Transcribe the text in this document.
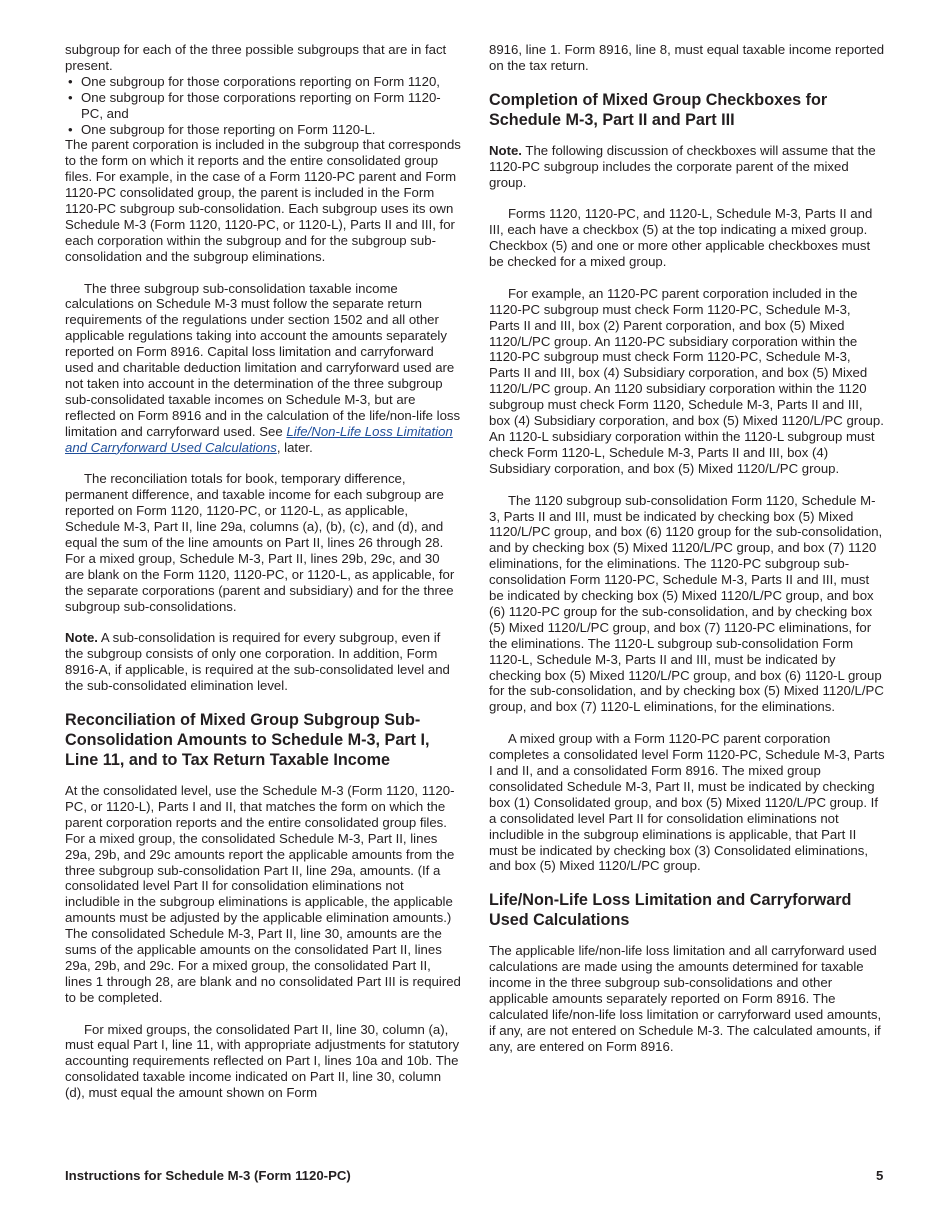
subgroup for each of the three possible subgroups that are in fact present.

• One subgroup for those corporations reporting on Form 1120,
• One subgroup for those corporations reporting on Form 1120-PC, and
• One subgroup for those reporting on Form 1120-L.

The parent corporation is included in the subgroup that corresponds to the form on which it reports and the entire consolidated group files. For example, in the case of a Form 1120-PC parent and Form 1120-PC consolidated group, the parent is included in the Form 1120-PC subgroup sub-consolidation. Each subgroup uses its own Schedule M-3 (Form 1120, 1120-PC, or 1120-L), Parts II and III, for each corporation within the subgroup and for the subgroup sub-consolidation and the subgroup eliminations.

The three subgroup sub-consolidation taxable income calculations on Schedule M-3 must follow the separate return requirements of the regulations under section 1502 and all other applicable regulations taking into account the amounts separately reported on Form 8916. Capital loss limitation and carryforward used and charitable deduction limitation and carryforward used are not taken into account in the determination of the three subgroup sub-consolidated taxable incomes on Schedule M-3, but are reflected on Form 8916 and in the calculation of the life/non-life loss limitation and carryforward used. See Life/Non-Life Loss Limitation and Carryforward Used Calculations, later.

The reconciliation totals for book, temporary difference, permanent difference, and taxable income for each subgroup are reported on Form 1120, 1120-PC, or 1120-L, as applicable, Schedule M-3, Part II, line 29a, columns (a), (b), (c), and (d), and equal the sum of the line amounts on Part II, lines 26 through 28. For a mixed group, Schedule M-3, Part II, lines 29b, 29c, and 30 are blank on the Form 1120, 1120-PC, or 1120-L, as applicable, for the separate corporations (parent and subsidiary) and for the three subgroup sub-consolidations.

Note. A sub-consolidation is required for every subgroup, even if the subgroup consists of only one corporation. In addition, Form 8916-A, if applicable, is required at the sub-consolidated level and the sub-consolidated elimination level.

Reconciliation of Mixed Group Subgroup Sub-Consolidation Amounts to Schedule M-3, Part I, Line 11, and to Tax Return Taxable Income

At the consolidated level, use the Schedule M-3 (Form 1120, 1120-PC, or 1120-L), Parts I and II, that matches the form on which the parent corporation reports and the entire consolidated group files. For a mixed group, the consolidated Schedule M-3, Part II, lines 29a, 29b, and 29c amounts report the applicable amounts from the three subgroup sub-consolidation Part II, line 29a, amounts. (If a consolidated level Part II for consolidation eliminations not includible in the subgroup eliminations is applicable, the applicable amounts must be adjusted by the applicable elimination amounts.) The consolidated Schedule M-3, Part II, line 30, amounts are the sums of the applicable amounts on the consolidated Part II, lines 29a, 29b, and 29c. For a mixed group, the consolidated Part II, lines 1 through 28, are blank and no consolidated Part III is required to be completed.

For mixed groups, the consolidated Part II, line 30, column (a), must equal Part I, line 11, with appropriate adjustments for statutory accounting requirements reflected on Part I, lines 10a and 10b. The consolidated taxable income indicated on Part II, line 30, column (d), must equal the amount shown on Form

8916, line 1. Form 8916, line 8, must equal taxable income reported on the tax return.

Completion of Mixed Group Checkboxes for Schedule M-3, Part II and Part III

Note. The following discussion of checkboxes will assume that the 1120-PC subgroup includes the corporate parent of the mixed group.

Forms 1120, 1120-PC, and 1120-L, Schedule M-3, Parts II and III, each have a checkbox (5) at the top indicating a mixed group. Checkbox (5) and one or more other applicable checkboxes must be checked for a mixed group.

For example, an 1120-PC parent corporation included in the 1120-PC subgroup must check Form 1120-PC, Schedule M-3, Parts II and III, box (2) Parent corporation, and box (5) Mixed 1120/L/PC group. An 1120-PC subsidiary corporation within the 1120-PC subgroup must check Form 1120-PC, Schedule M-3, Parts II and III, box (4) Subsidiary corporation, and box (5) Mixed 1120/L/PC group. An 1120 subsidiary corporation within the 1120 subgroup must check Form 1120, Schedule M-3, Parts II and III, box (4) Subsidiary corporation, and box (5) Mixed 1120/L/PC group. An 1120-L subsidiary corporation within the 1120-L subgroup must check Form 1120-L, Schedule M-3, Parts II and III, box (4) Subsidiary corporation, and box (5) Mixed 1120/L/PC group.

The 1120 subgroup sub-consolidation Form 1120, Schedule M-3, Parts II and III, must be indicated by checking box (5) Mixed 1120/L/PC group, and box (6) 1120 group for the sub-consolidation, and by checking box (5) Mixed 1120/L/PC group, and box (7) 1120 eliminations, for the eliminations. The 1120-PC subgroup sub-consolidation Form 1120-PC, Schedule M-3, Parts II and III, must be indicated by checking box (5) Mixed 1120/L/PC group, and box (6) 1120-PC group for the sub-consolidation, and by checking box (5) Mixed 1120/L/PC group, and box (7) 1120-PC eliminations, for the eliminations. The 1120-L subgroup sub-consolidation Form 1120-L, Schedule M-3, Parts II and III, must be indicated by checking box (5) Mixed 1120/L/PC group, and box (6) 1120-L group for the sub-consolidation, and by checking box (5) Mixed 1120/L/PC group, and box (7) 1120-L eliminations, for the eliminations.

A mixed group with a Form 1120-PC parent corporation completes a consolidated level Form 1120-PC, Schedule M-3, Parts I and II, and a consolidated Form 8916. The mixed group consolidated Schedule M-3, Part II, must be indicated by checking box (1) Consolidated group, and box (5) Mixed 1120/L/PC group. If a consolidated level Part II for consolidation eliminations not includible in the subgroup eliminations is applicable, that Part II must be indicated by checking box (3) Consolidated eliminations, and box (5) Mixed 1120/L/PC group.

Life/Non-Life Loss Limitation and Carryforward Used Calculations

The applicable life/non-life loss limitation and all carryforward used calculations are made using the amounts determined for taxable income in the three subgroup sub-consolidations and other applicable amounts separately reported on Form 8916. The calculated life/non-life loss limitation or carryforward used amounts, if any, are not entered on Schedule M-3. The calculated amounts, if any, are entered on Form 8916.

Instructions for Schedule M-3 (Form 1120-PC)	5
